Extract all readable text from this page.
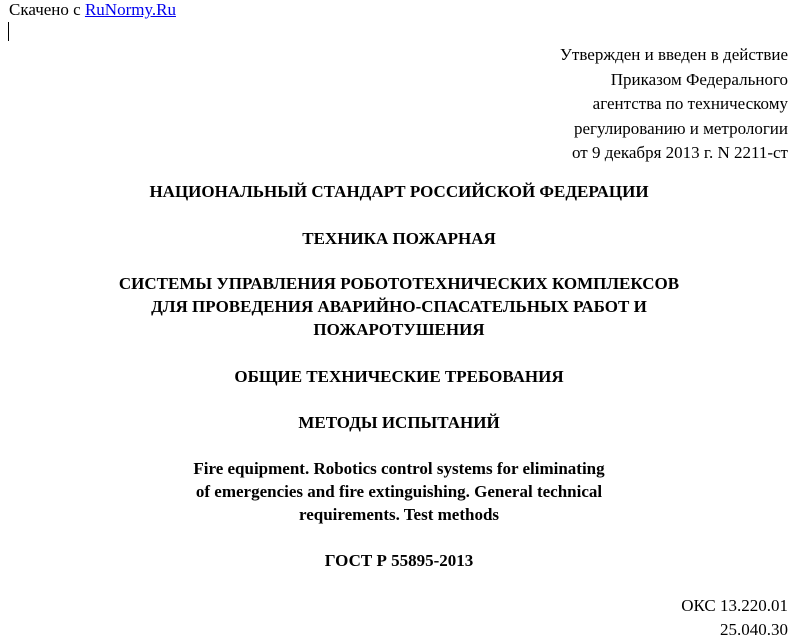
Скачено с RuNormy.Ru
Утвержден и введен в действие
Приказом Федерального
агентства по техническому
регулированию и метрологии
от 9 декабря 2013 г. N 2211-ст
НАЦИОНАЛЬНЫЙ СТАНДАРТ РОССИЙСКОЙ ФЕДЕРАЦИИ
ТЕХНИКА ПОЖАРНАЯ
СИСТЕМЫ УПРАВЛЕНИЯ РОБОТОТЕХНИЧЕСКИХ КОМПЛЕКСОВ
ДЛЯ ПРОВЕДЕНИЯ АВАРИЙНО-СПАСАТЕЛЬНЫХ РАБОТ И
ПОЖАРОТУШЕНИЯ
ОБЩИЕ ТЕХНИЧЕСКИЕ ТРЕБОВАНИЯ
МЕТОДЫ ИСПЫТАНИЙ
Fire equipment. Robotics control systems for eliminating
of emergencies and fire extinguishing. General technical
requirements. Test methods
ГОСТ Р 55895-2013
ОКС 13.220.01
25.040.30
